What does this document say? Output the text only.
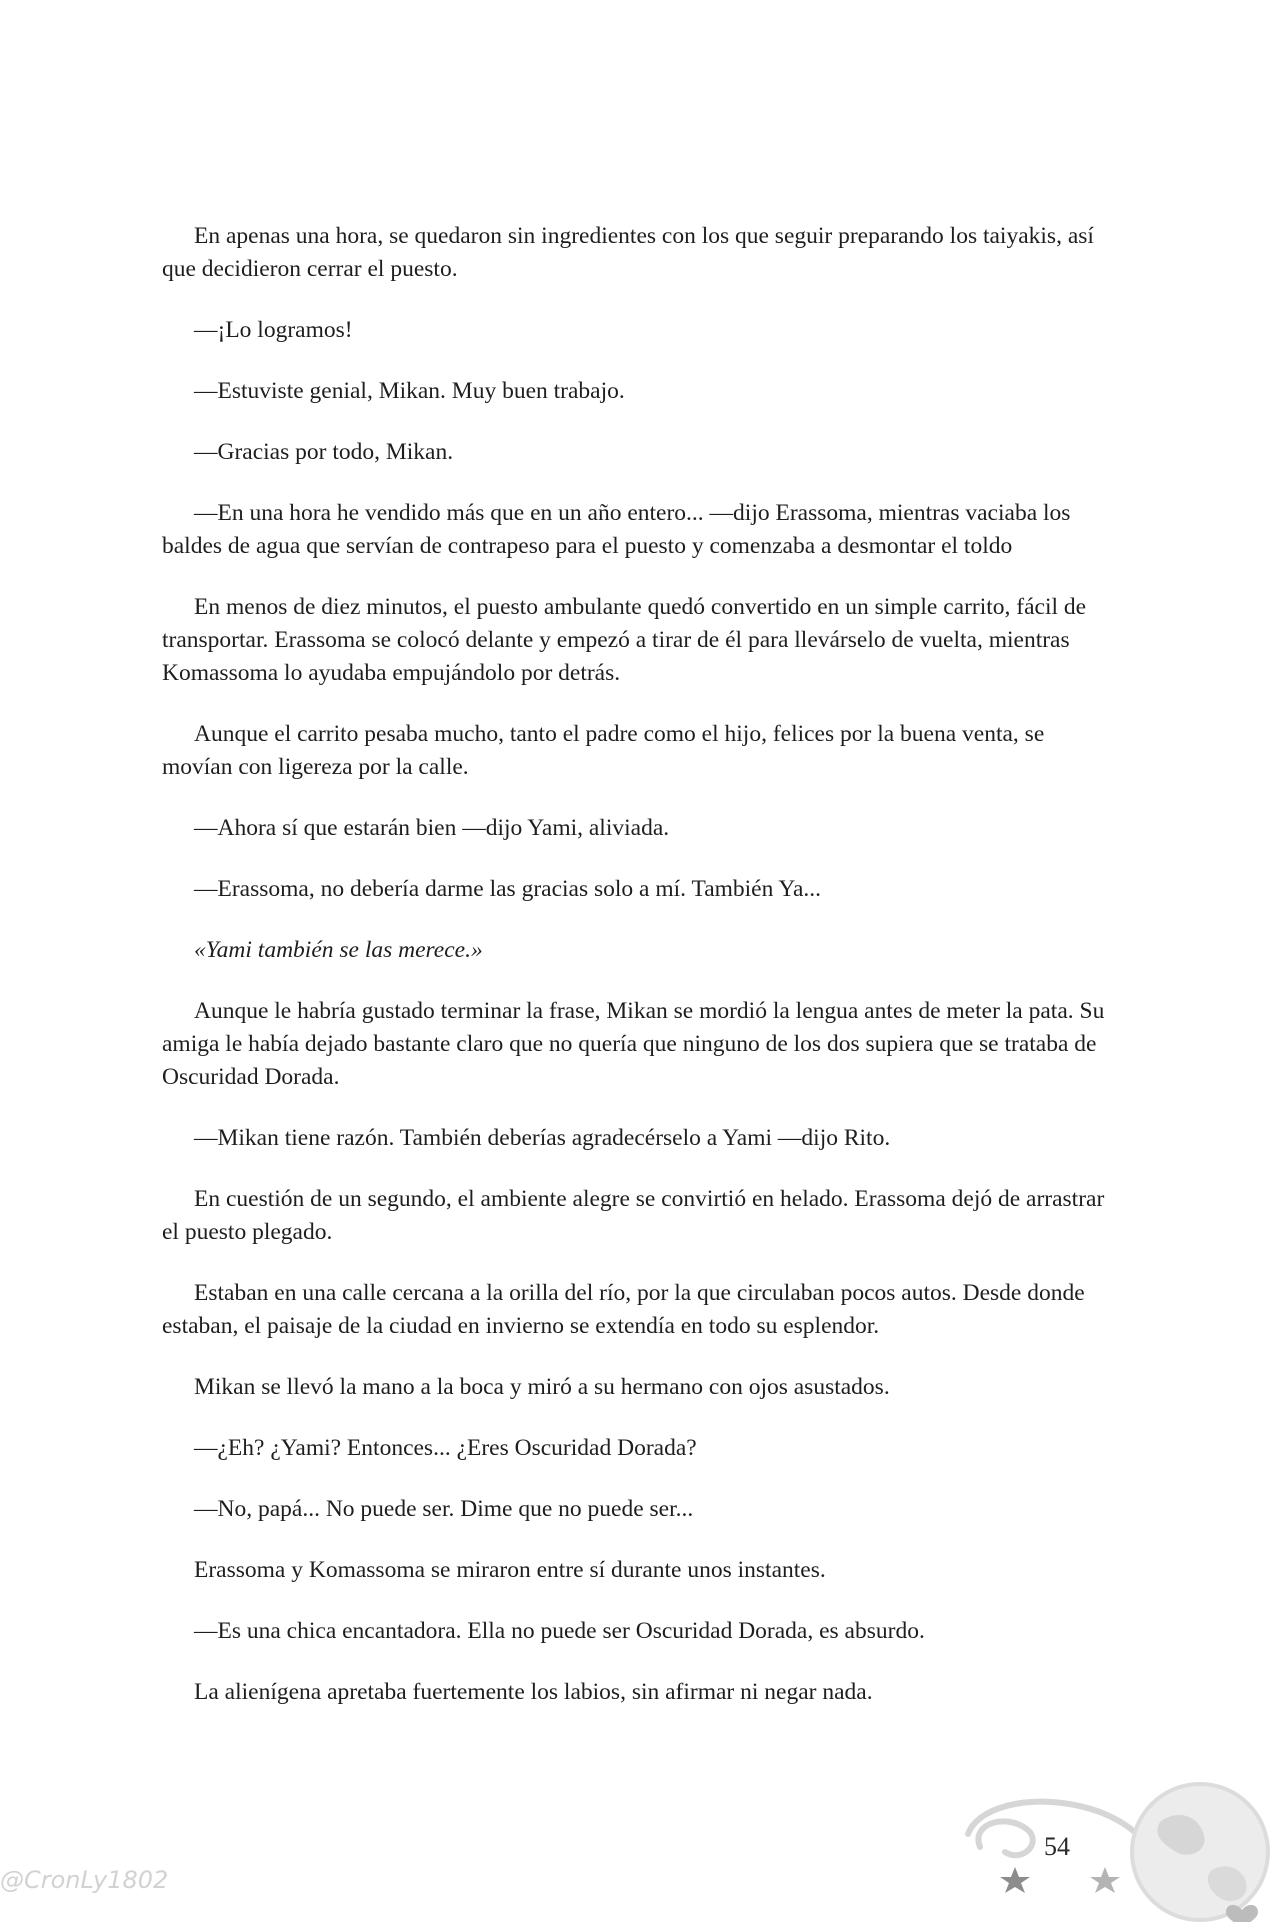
En apenas una hora, se quedaron sin ingredientes con los que seguir preparando los taiyakis, así que decidieron cerrar el puesto.

—¡Lo logramos!

—Estuviste genial, Mikan. Muy buen trabajo.

—Gracias por todo, Mikan.

—En una hora he vendido más que en un año entero... —dijo Erassoma, mientras vaciaba los baldes de agua que servían de contrapeso para el puesto y comenzaba a desmontar el toldo

En menos de diez minutos, el puesto ambulante quedó convertido en un simple carrito, fácil de transportar. Erassoma se colocó delante y empezó a tirar de él para llevárselo de vuelta, mientras Komassoma lo ayudaba empujándolo por detrás.

Aunque el carrito pesaba mucho, tanto el padre como el hijo, felices por la buena venta, se movían con ligereza por la calle.

—Ahora sí que estarán bien —dijo Yami, aliviada.

—Erassoma, no debería darme las gracias solo a mí. También Ya...

«Yami también se las merece.»

Aunque le habría gustado terminar la frase, Mikan se mordió la lengua antes de meter la pata. Su amiga le había dejado bastante claro que no quería que ninguno de los dos supiera que se trataba de Oscuridad Dorada.

—Mikan tiene razón. También deberías agradecérselo a Yami —dijo Rito.

En cuestión de un segundo, el ambiente alegre se convirtió en helado. Erassoma dejó de arrastrar el puesto plegado.

Estaban en una calle cercana a la orilla del río, por la que circulaban pocos autos. Desde donde estaban, el paisaje de la ciudad en invierno se extendía en todo su esplendor.

Mikan se llevó la mano a la boca y miró a su hermano con ojos asustados.

—¿Eh? ¿Yami? Entonces... ¿Eres Oscuridad Dorada?

—No, papá... No puede ser. Dime que no puede ser...

Erassoma y Komassoma se miraron entre sí durante unos instantes.

—Es una chica encantadora. Ella no puede ser Oscuridad Dorada, es absurdo.

La alienígena apretaba fuertemente los labios, sin afirmar ni negar nada.

54
@CronLy1802
